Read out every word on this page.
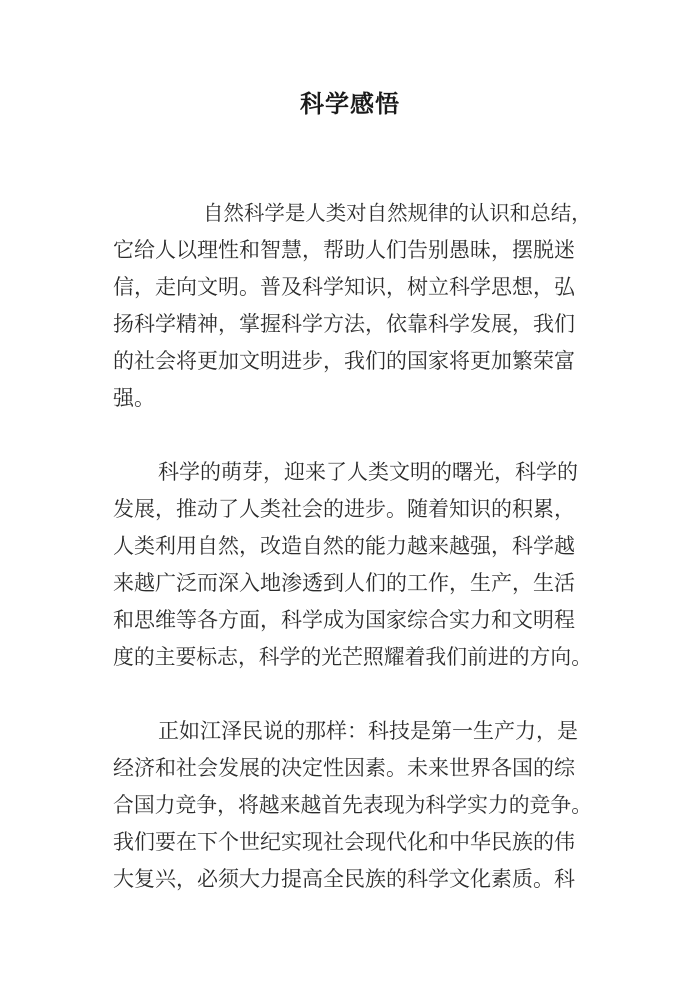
科学感悟
自然科学是人类对自然规律的认识和总结，
它给人以理性和智慧，帮助人们告别愚昧，摆脱迷
信，走向文明。普及科学知识，树立科学思想，弘
扬科学精神，掌握科学方法，依靠科学发展，我们
的社会将更加文明进步，我们的国家将更加繁荣富
强。
科学的萌芽，迎来了人类文明的曙光，科学的
发展，推动了人类社会的进步。随着知识的积累，
人类利用自然，改造自然的能力越来越强，科学越
来越广泛而深入地渗透到人们的工作，生产，生活
和思维等各方面，科学成为国家综合实力和文明程
度的主要标志，科学的光芒照耀着我们前进的方向。
正如江泽民说的那样：科技是第一生产力，是
经济和社会发展的决定性因素。未来世界各国的综
合国力竞争，将越来越首先表现为科学实力的竞争。
我们要在下个世纪实现社会现代化和中华民族的伟
大复兴，必须大力提高全民族的科学文化素质。科
